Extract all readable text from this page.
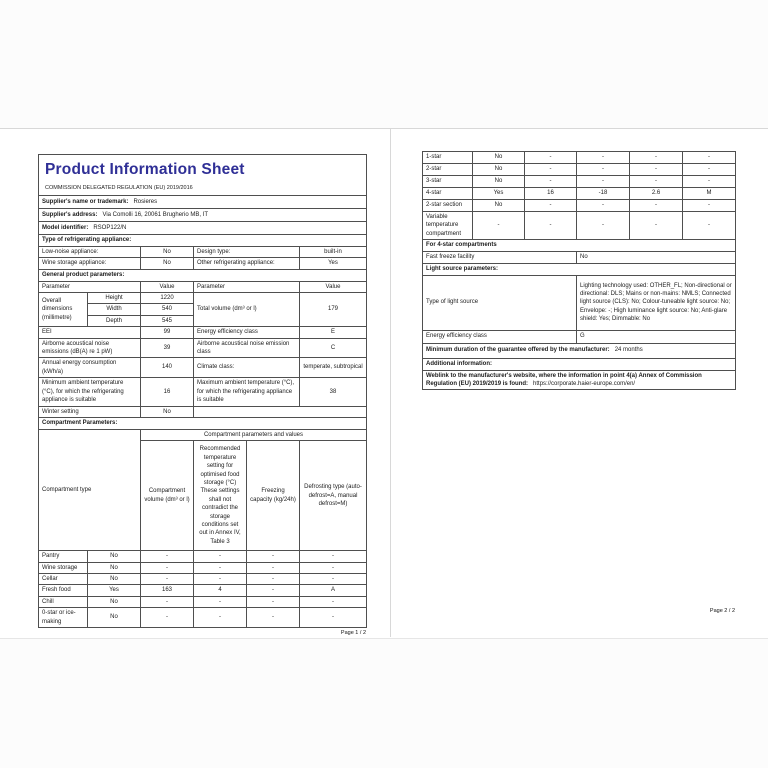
Product Information Sheet
COMMISSION DELEGATED REGULATION (EU) 2019/2016					

Supplier's name or trademark: Rosieres					
Supplier's address: Via Comolli 16, 20061 Brugherio MB, IT					
Model identifier: RSOP122/N					
Type of refrigerating appliance:					
Low-noise appliance:		No	Design type:		built-in
Wine storage appliance:		No	Other refrigerating appliance:		Yes
General product parameters:					
Parameter		Value	Parameter		Value
Overall dimensions (millimetre)	Height	1220	Total volume (dm³ or l)		179
	Width	540			
	Depth	545			
EEI		99	Energy efficiency class		E
Airborne acoustical noise emissions (dB(A) re 1 pW)		39	Airborne acoustical noise emission class		C
Annual energy consumption (kWh/a)		140	Climate class:		temperate, subtropical
Minimum ambient temperature (°C), for which the refrigerating appliance is suitable		16	Maximum ambient temperature (°C), for which the refrigerating appliance is suitable		38
Winter setting		No			
Compartment Parameters:					
Compartment type		Compartment parameters and values			
		Compartment volume (dm³ or l)	Recommended temperature setting for optimised food storage (°C) These settings shall not contradict the storage conditions set out in Annex IV, Table 3	Freezing capacity (kg/24h)	Defrosting type (auto-defrost=A, manual defrost=M)
Pantry	No	-	-	-	-
Wine storage	No	-	-	-	-
Cellar	No	-	-	-	-
Fresh food	Yes	163	4	-	A
Chill	No	-	-	-	-
0-star or ice-making	No	-	-	-	-
Page 1 / 2
1-star	No	-	-	-	-
2-star	No	-	-	-	-
3-star	No	-	-	-	-
4-star	Yes	16	-18	2.6	M
2-star section	No	-	-	-	-
Variable temperature compartment	-	-	-	-	-
For 4-star compartments					
Fast freeze facility			No		
Light source parameters:					
Type of light source			Lighting technology used: OTHER_FL; Non-directional or directional: DLS; Mains or non-mains: NMLS; Connected light source (CLS): No; Colour-tuneable light source: No; Envelope: -; High luminance light source: No; Anti-glare shield: Yes; Dimmable: No		
Energy efficiency class			G		
Minimum duration of the guarantee offered by the manufacturer: 24 months					
Additional information:					
Weblink to the manufacturer's website, where the information in point 4(a) Annex of Commission Regulation (EU) 2019/2019 is found: https://corporate.haier-europe.com/en/					
Page 2 / 2
